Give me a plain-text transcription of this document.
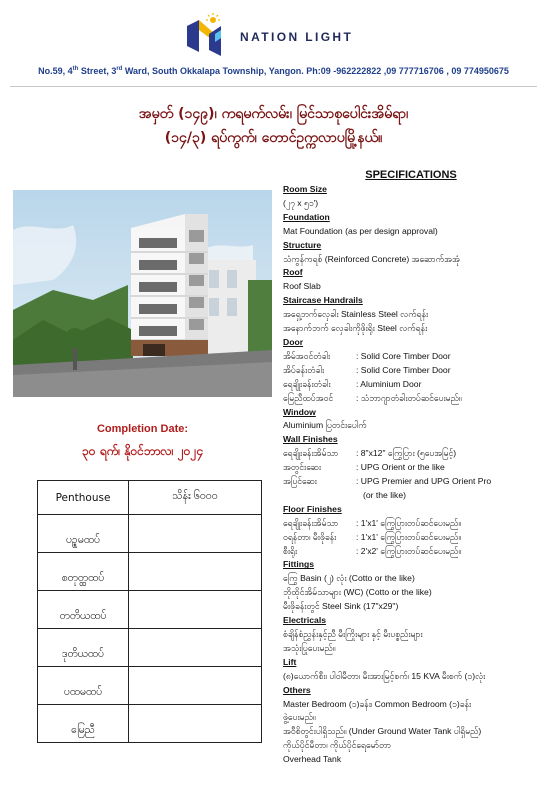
NATION LIGHT
No.59, 4th Street, 3rd Ward, South Okkalapa Township, Yangon. Ph:09 -962222822 ,09 777716706 , 09 774950675
အမှတ် (၁၄၉)၊ ကရမက်လမ်း၊ မြင်သာစုပေါင်းအိမ်ရာ၊
(၁၄/၃) ရပ်ကွက်၊ တောင်ဥက္ကလာပမြို့နယ်။
Completion Date:
၃၀ ရက်၊ နိုဝင်ဘာလ၊ ၂၀၂၄
Penthouse	သိန်း ၆၀၀၀
ပဥ္စမထပ်	
စတုတ္ထထပ်	
တတိယထပ်	
ဒုတိယထပ်	
ပထမထပ်	
မြေညီ	
SPECIFICATIONS
Room Size
(၂၇ x ၅၁')
Foundation
Mat Foundation (as per design approval)
Structure
သံကွန်ကရစ် (Reinforced Concrete) အဆောက်အအုံ
Roof
Roof Slab
Staircase Handrails
အရှေ့ဘက်လှေခါး Stainless Steel လက်ရန်း
အနောက်ဘက် လှေခါးကိုဖိုးရိုး Steel လက်ရန်း
Door
အိမ်အဝင်တံခါး	: Solid Core Timber Door
အိပ်ခန်းတံခါး	: Solid Core Timber Door
ရေချိုးခန်းတံခါး	: Aluminium Door
မြေညီထပ်အဝင်	: သံဘာဂျာတံခါးတပ်ဆင်ပေးမည်။
Window
Aluminium ပြတင်းပေါက်
Wall Finishes
ရေချိုးခန်းအိမ်သာ	: 8"x12" ကြွေပြား (၅ပေအမြင့်)
အတွင်းဆေး	: UPG Orient or the like
အပြင်ဆေး	: UPG Premier and UPG Orient Pro
(or the like)
Floor Finishes
ရေချိုးခန်းအိမ်သာ	: 1'x1' ကြွေပြားတပ်ဆင်ပေးမည်။
ဝရန်တာ၊ မီးဖိုခန်း	: 1'x1' ကြွေပြားတပ်ဆင်ပေးမည်။
စီးရိုး	: 2'x2' ကြွေပြားတပ်ဆင်ပေးမည်။
Fittings
ကြွေ Basin (၂) လုံး (Cotto or the like)
ဘိုထိုင်အိမ်သာများ (WC) (Cotto or the like)
မီးဖိုခန်းတွင် Steel Sink (17"x29")
Electricals
စံချိန်စံညွှန်းနှင့်ညီ မီးကြိုးများ နှင့် မီးပစ္စည်းများ
အသုံးပြုပေးမည်။
Lift
(၈)ယောက်စီး၊ ပါဝါမီတာ၊ မီးအားမြင့်စက်၊ 15 KVA မီးစက် (၁)လုံး
Others
Master Bedroom (၁)ခန်း၊ Common Bedroom (၁)ခန်း
ဖွဲ့ပေးမည်။
အဝီစိတွင်းပါရှိသည်။ (Under Ground Water Tank ပါရှိမည်)
ကိုယ်ပိုင်မီတာ၊ ကိုယ်ပိုင်ရေမော်တာ
Overhead Tank
